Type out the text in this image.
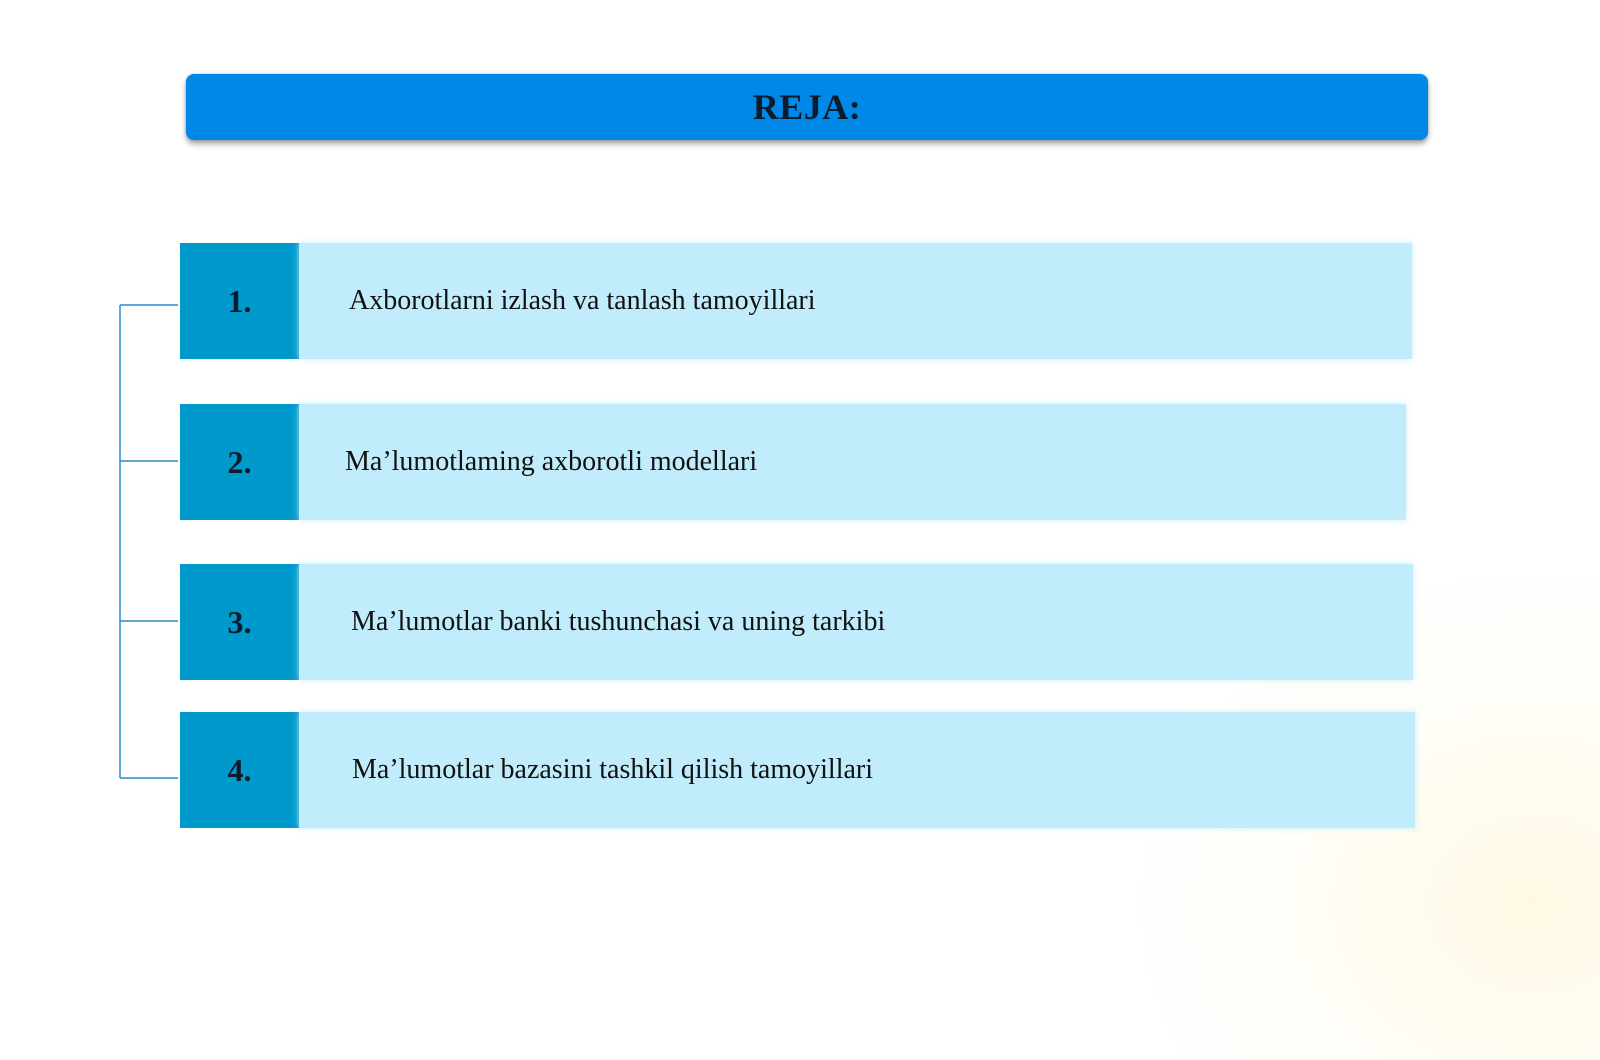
REJA:
1.	Axborotlarni izlash va tanlash tamoyillari
2.	Ma’lumotlaming axborotli modellari
3.	Ma’lumotlar banki tushunchasi va uning tarkibi
4.	Ma’lumotlar bazasini tashkil qilish tamoyillari
